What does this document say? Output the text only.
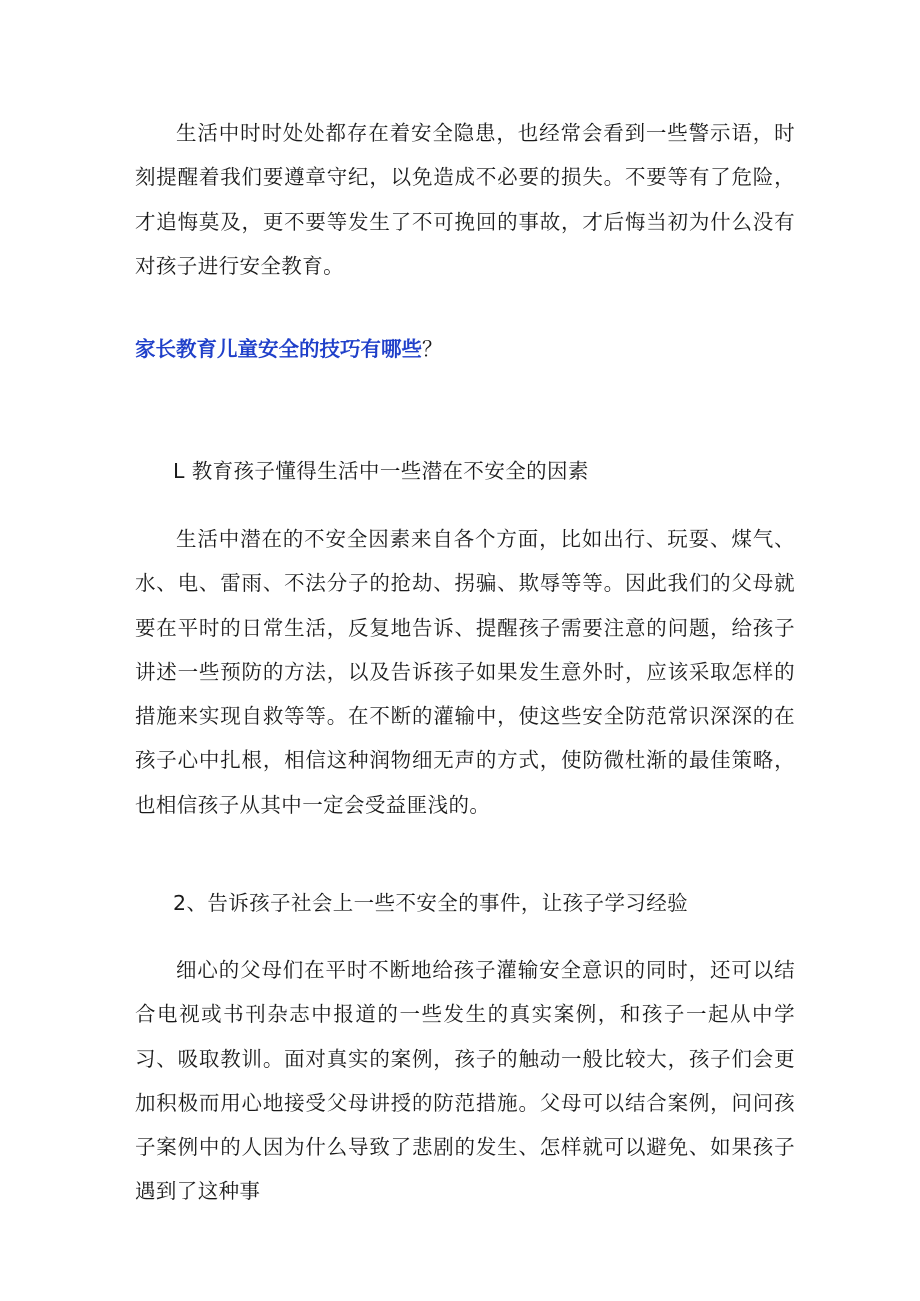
生活中时时处处都存在着安全隐患，也经常会看到一些警示语，时刻提醒着我们要遵章守纪，以免造成不必要的损失。不要等有了危险，才追悔莫及，更不要等发生了不可挽回的事故，才后悔当初为什么没有对孩子进行安全教育。

家长教育儿童安全的技巧有哪些？

L 教育孩子懂得生活中一些潜在不安全的因素

生活中潜在的不安全因素来自各个方面，比如出行、玩耍、煤气、水、电、雷雨、不法分子的抢劫、拐骗、欺辱等等。因此我们的父母就要在平时的日常生活，反复地告诉、提醒孩子需要注意的问题，给孩子讲述一些预防的方法，以及告诉孩子如果发生意外时，应该采取怎样的措施来实现自救等等。在不断的灌输中，使这些安全防范常识深深的在孩子心中扎根，相信这种润物细无声的方式，使防微杜渐的最佳策略，也相信孩子从其中一定会受益匪浅的。

2、告诉孩子社会上一些不安全的事件，让孩子学习经验

细心的父母们在平时不断地给孩子灌输安全意识的同时，还可以结合电视或书刊杂志中报道的一些发生的真实案例，和孩子一起从中学习、吸取教训。面对真实的案例，孩子的触动一般比较大，孩子们会更加积极而用心地接受父母讲授的防范措施。父母可以结合案例，问问孩子案例中的人因为什么导致了悲剧的发生、怎样就可以避免、如果孩子遇到了这种事
